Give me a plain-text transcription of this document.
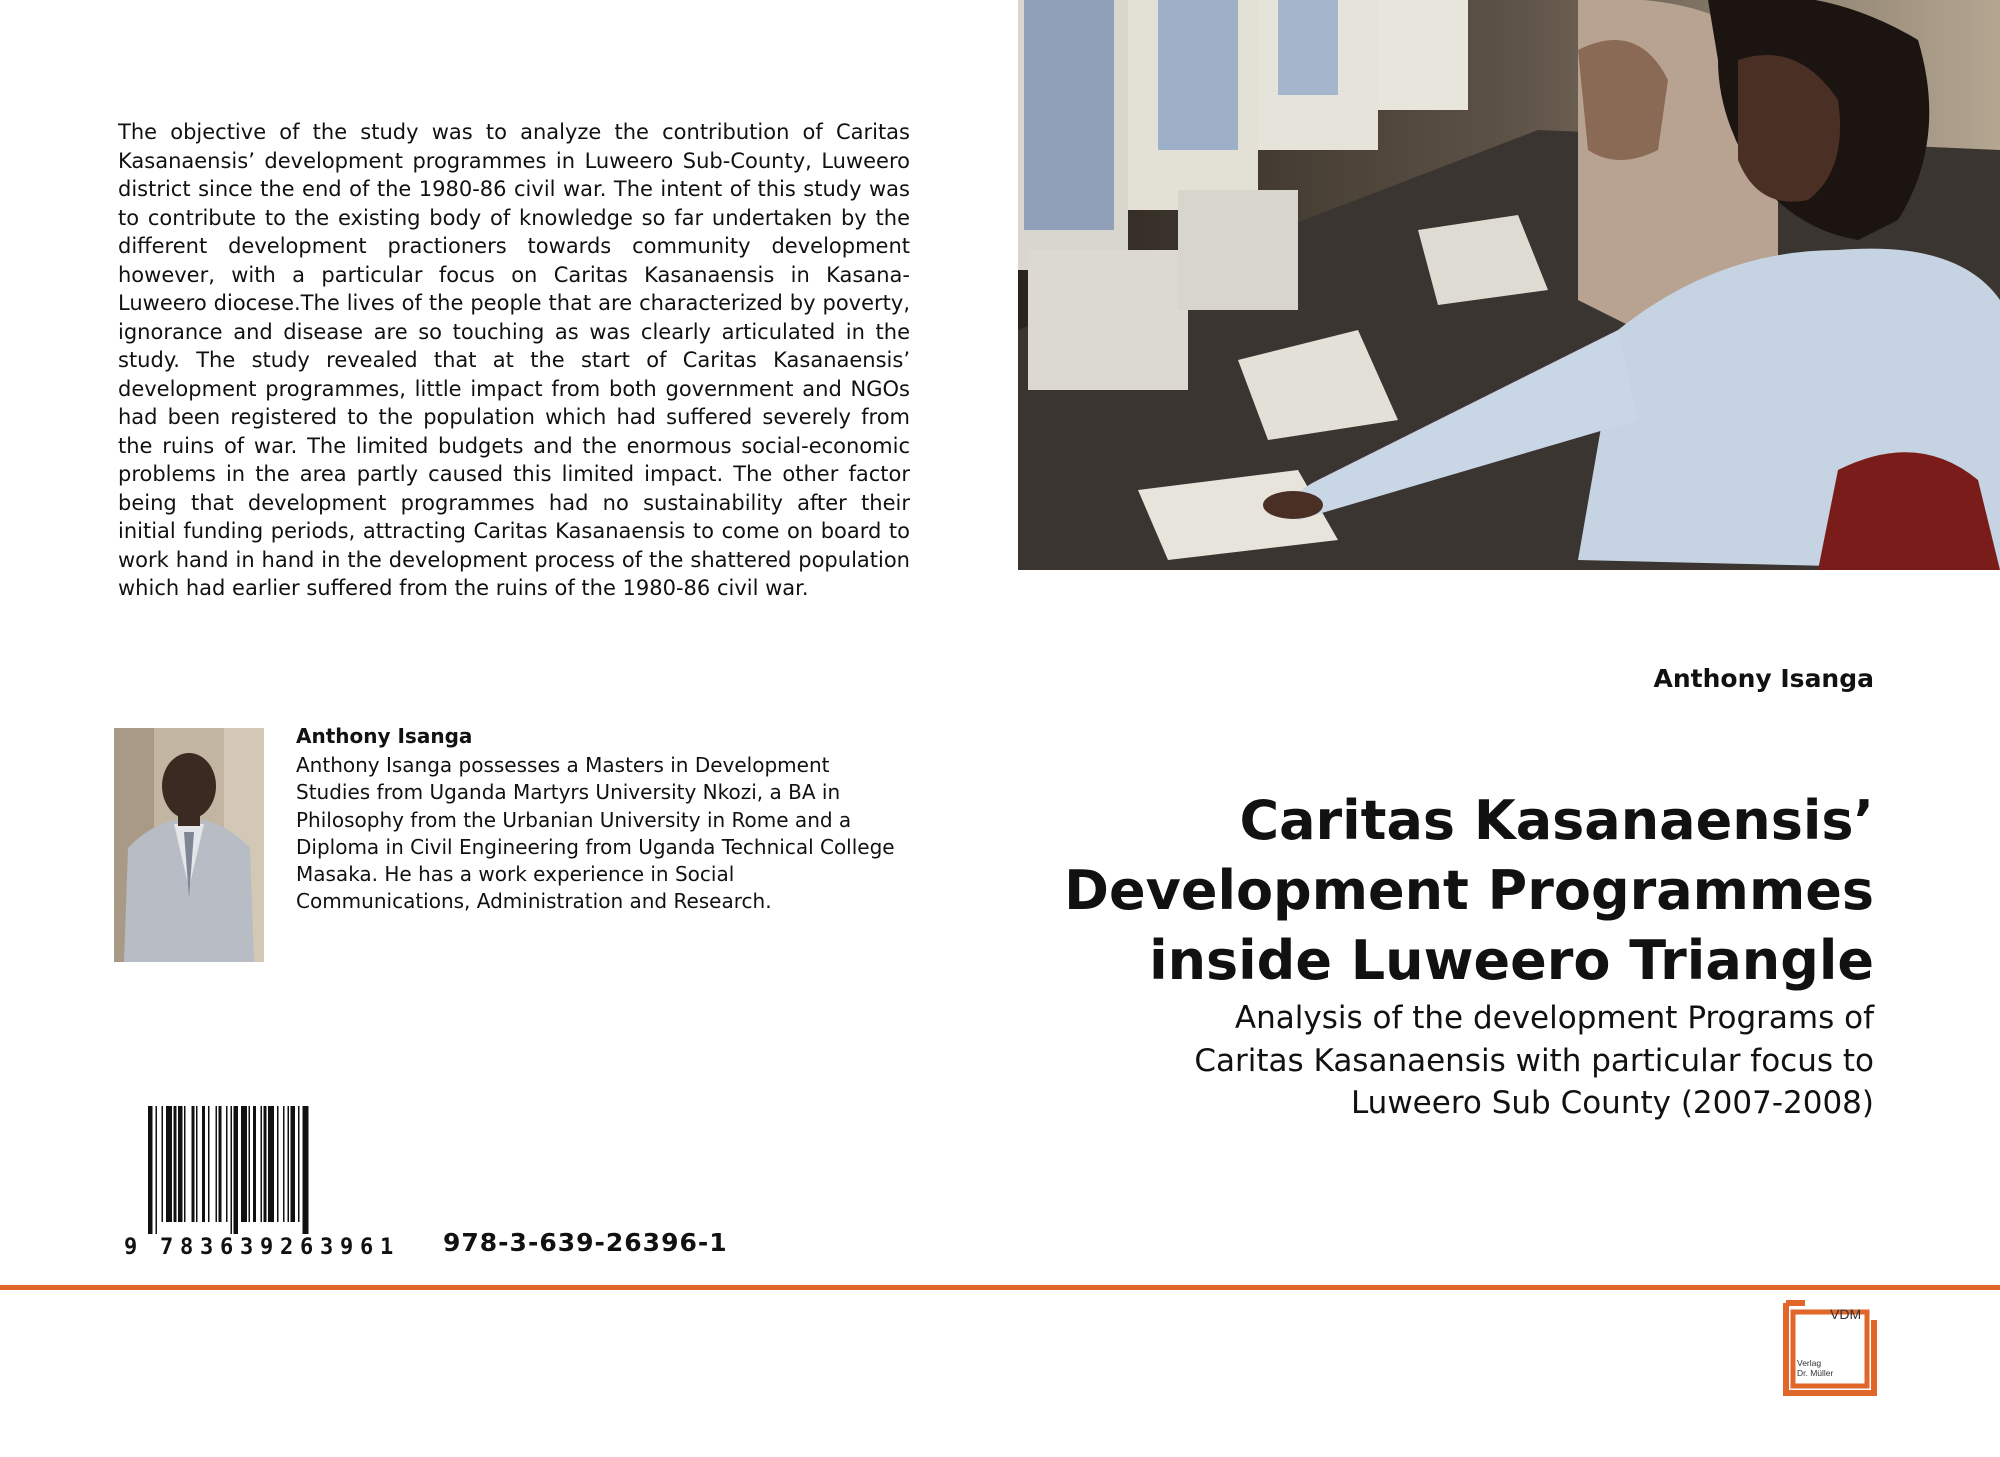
The objective of the study was to analyze the contribution of Caritas Kasanaensis’ development programmes in Luweero Sub-County, Luweero district since the end of the 1980-86 civil war. The intent of this study was to contribute to the existing body of knowledge so far undertaken by the different development practioners towards community development however, with a particular focus on Caritas Kasanaensis in Kasana-Luweero diocese.The lives of the people that are characterized by poverty, ignorance and disease are so touching as was clearly articulated in the study. The study revealed that at the start of Caritas Kasanaensis’ development programmes, little impact from both government and NGOs had been registered to the population which had suffered severely from the ruins of war. The limited budgets and the enormous social-economic problems in the area partly caused this limited impact. The other factor being that development programmes had no sustainability after their initial funding periods, attracting Caritas Kasanaensis to come on board to work hand in hand in the development process of the shattered population which had earlier suffered from the ruins of the 1980-86 civil war.

Anthony Isanga

Anthony Isanga possesses a Masters in Development Studies from Uganda Martyrs University Nkozi, a BA in Philosophy from the Urbanian University in Rome and a Diploma in Civil Engineering from Uganda Technical College Masaka. He has a work experience in Social Communications, Administration and Research.

9 7 8 3 6 3 9 2 6 3 9 6 1 978-3-639-26396-1

Anthony Isanga

Caritas Kasanaensis’
Development Programmes
inside Luweero Triangle

Analysis of the development Programs of
Caritas Kasanaensis with particular focus to
Luweero Sub County (2007-2008)

VDM

Verlag
Dr. Müller
